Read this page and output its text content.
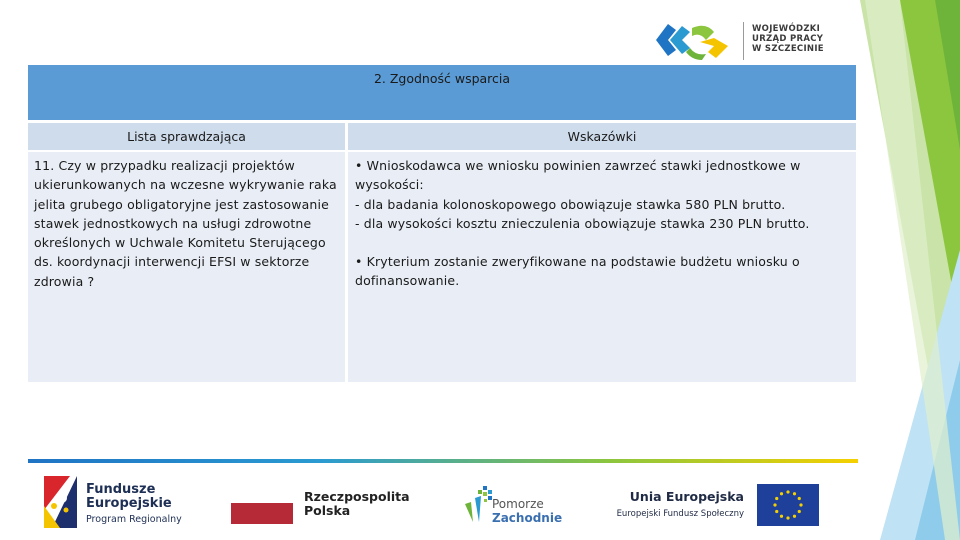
WOJEWÓDZKI
URZĄD PRACY
W SZCZECINIE
2. Zgodność wsparcia
Lista sprawdzająca	Wskazówki
11. Czy w przypadku realizacji projektów
ukierunkowanych na wczesne wykrywanie raka
jelita grubego obligatoryjne jest zastosowanie
stawek jednostkowych na usługi zdrowotne
określonych w Uchwale Komitetu Sterującego
ds. koordynacji interwencji EFSI w sektorze
zdrowia ?
• Wnioskodawca we wniosku powinien zawrzeć stawki jednostkowe w
wysokości:
- dla badania kolonoskopowego obowiązuje stawka 580 PLN brutto.
- dla wysokości kosztu znieczulenia obowiązuje stawka 230 PLN brutto.
• Kryterium zostanie zweryfikowane na podstawie budżetu wniosku o
dofinansowanie.
Fundusze
Europejskie
Program Regionalny
Rzeczpospolita
Polska	Pomorze
Zachodnie
Unia Europejska
Europejski Fundusz Społeczny
